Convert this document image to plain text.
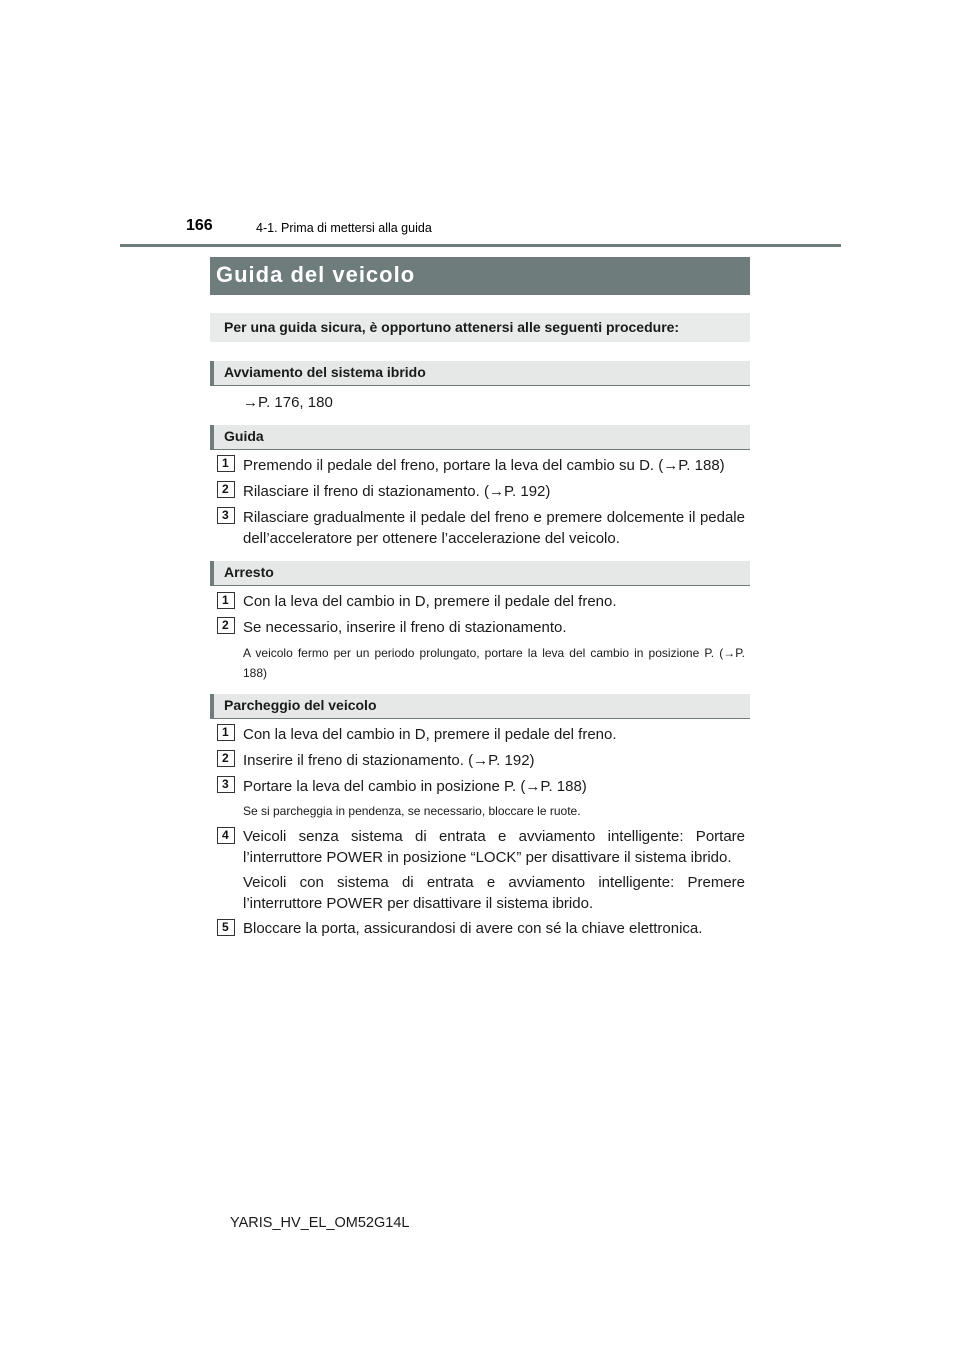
166	4-1. Prima di mettersi alla guida
Guida del veicolo
Per una guida sicura, è opportuno attenersi alle seguenti procedure:
Avviamento del sistema ibrido
→P. 176, 180
Guida
1 Premendo il pedale del freno, portare la leva del cambio su D. (→P. 188)
2 Rilasciare il freno di stazionamento. (→P. 192)
3 Rilasciare gradualmente il pedale del freno e premere dolcemente il pedale dell’acceleratore per ottenere l’accelerazione del veicolo.
Arresto
1 Con la leva del cambio in D, premere il pedale del freno.
2 Se necessario, inserire il freno di stazionamento.
A veicolo fermo per un periodo prolungato, portare la leva del cambio in posizione P. (→P. 188)
Parcheggio del veicolo
1 Con la leva del cambio in D, premere il pedale del freno.
2 Inserire il freno di stazionamento. (→P. 192)
3 Portare la leva del cambio in posizione P. (→P. 188)
Se si parcheggia in pendenza, se necessario, bloccare le ruote.
4 Veicoli senza sistema di entrata e avviamento intelligente: Portare l’interruttore POWER in posizione “LOCK” per disattivare il sistema ibrido.
Veicoli con sistema di entrata e avviamento intelligente: Premere l’interruttore POWER per disattivare il sistema ibrido.
5 Bloccare la porta, assicurandosi di avere con sé la chiave elettronica.
YARIS_HV_EL_OM52G14L
